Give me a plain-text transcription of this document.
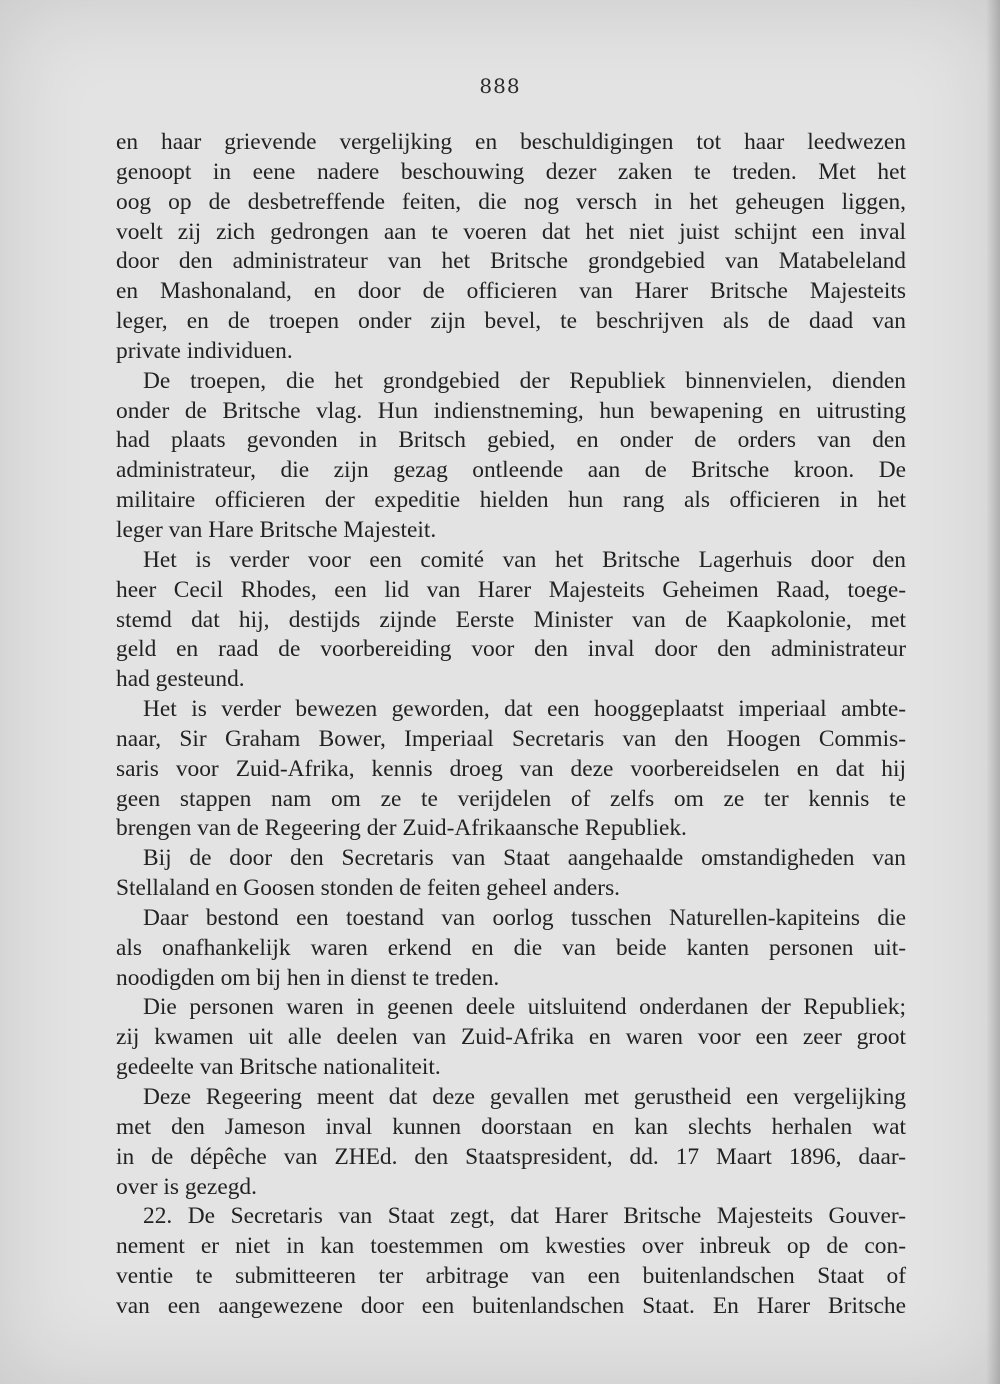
888

en haar grievende vergelijking en beschuldigingen tot haar leedwezen

genoopt in eene nadere beschouwing dezer zaken te treden. Met het

oog op de desbetreffende feiten, die nog versch in het geheugen liggen,

voelt zij zich gedrongen aan te voeren dat het niet juist schijnt een inval

door den administrateur van het Britsche grondgebied van Matabeleland

en Mashonaland, en door de officieren van Harer Britsche Majesteits

leger, en de troepen onder zijn bevel, te beschrijven als de daad van

private individuen.

De troepen, die het grondgebied der Republiek binnenvielen, dienden

onder de Britsche vlag. Hun indienstneming, hun bewapening en uitrusting

had plaats gevonden in Britsch gebied, en onder de orders van den

administrateur, die zijn gezag ontleende aan de Britsche kroon. De

militaire officieren der expeditie hielden hun rang als officieren in het

leger van Hare Britsche Majesteit.

Het is verder voor een comité van het Britsche Lagerhuis door den

heer Cecil Rhodes, een lid van Harer Majesteits Geheimen Raad, toege-

stemd dat hij, destijds zijnde Eerste Minister van de Kaapkolonie, met

geld en raad de voorbereiding voor den inval door den administrateur

had gesteund.

Het is verder bewezen geworden, dat een hooggeplaatst imperiaal ambte-

naar, Sir Graham Bower, Imperiaal Secretaris van den Hoogen Commis-

saris voor Zuid-Afrika, kennis droeg van deze voorbereidselen en dat hij

geen stappen nam om ze te verijdelen of zelfs om ze ter kennis te

brengen van de Regeering der Zuid-Afrikaansche Republiek.

Bij de door den Secretaris van Staat aangehaalde omstandigheden van

Stellaland en Goosen stonden de feiten geheel anders.

Daar bestond een toestand van oorlog tusschen Naturellen-kapiteins die

als onafhankelijk waren erkend en die van beide kanten personen uit-

noodigden om bij hen in dienst te treden.

Die personen waren in geenen deele uitsluitend onderdanen der Republiek;

zij kwamen uit alle deelen van Zuid-Afrika en waren voor een zeer groot

gedeelte van Britsche nationaliteit.

Deze Regeering meent dat deze gevallen met gerustheid een vergelijking

met den Jameson inval kunnen doorstaan en kan slechts herhalen wat

in de dépêche van ZHEd. den Staatspresident, dd. 17 Maart 1896, daar-

over is gezegd.

22. De Secretaris van Staat zegt, dat Harer Britsche Majesteits Gouver-

nement er niet in kan toestemmen om kwesties over inbreuk op de con-

ventie te submitteeren ter arbitrage van een buitenlandschen Staat of

van een aangewezene door een buitenlandschen Staat. En Harer Britsche
